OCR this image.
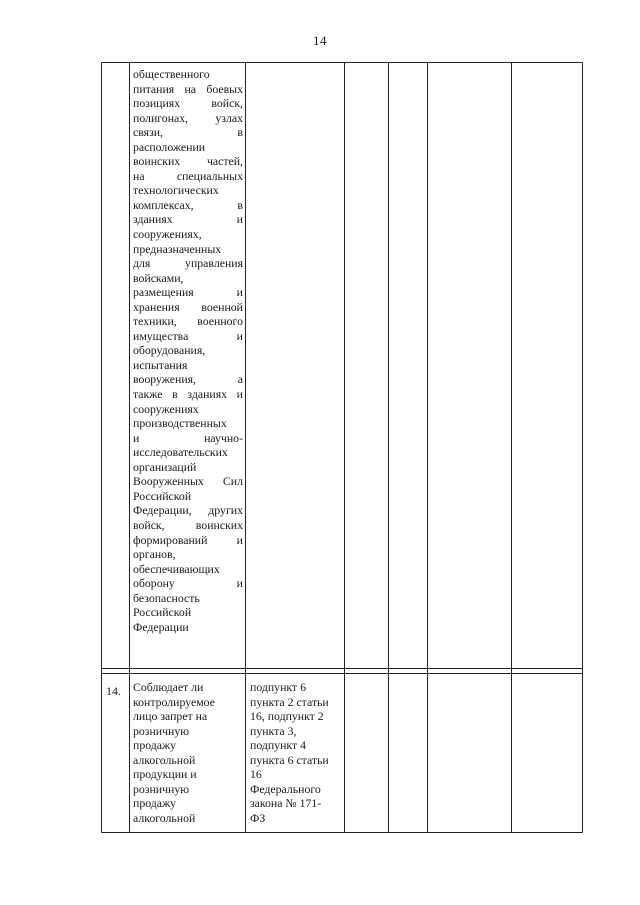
14
общественного
питания на боевых
позициях войск,
полигонах, узлах
связи, в
расположении
воинских частей,
на специальных
технологических
комплексах, в
зданиях и
сооружениях,
предназначенных
для управления
войсками,
размещения и
хранения военной
техники, военного
имущества и
оборудования,
испытания
вооружения, а
также в зданиях и
сооружениях
производственных
и научно-
исследовательских
организаций
Вооруженных Сил
Российской
Федерации, других
войск, воинских
формирований и
органов,
обеспечивающих
оборону и
безопасность
Российской
Федерации
14. Соблюдает ли
контролируемое
лицо запрет на
розничную
продажу
алкогольной
продукции и
розничную
продажу
алкогольной
подпункт 6
пункта 2 статьи
16, подпункт 2
пункта 3,
подпункт 4
пункта 6 статьи
16
Федерального
закона № 171-
ФЗ
